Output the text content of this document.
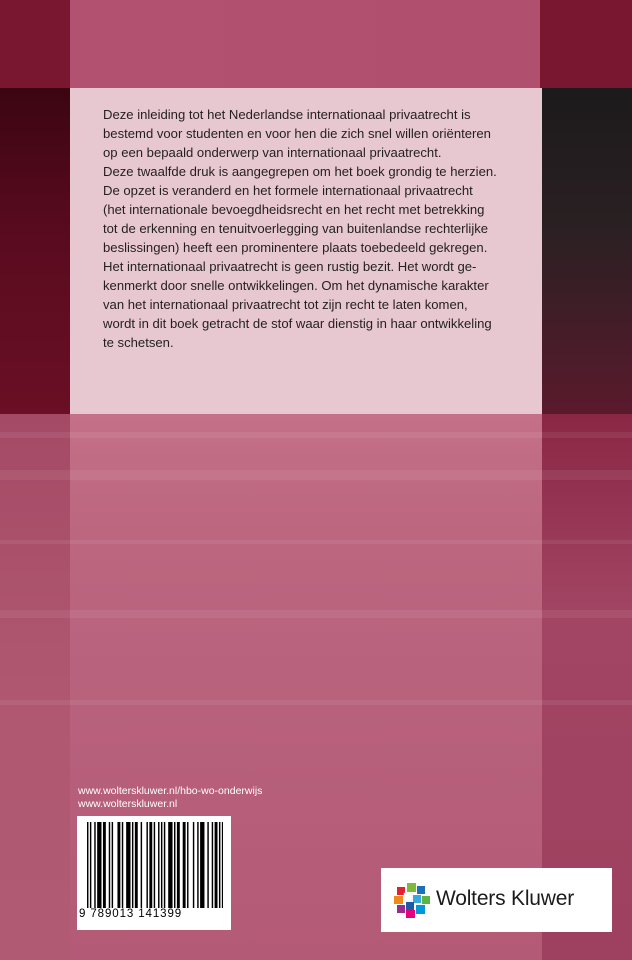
Deze inleiding tot het Nederlandse internationaal privaatrecht is

bestemd voor studenten en voor hen die zich snel willen oriënteren

op een bepaald onderwerp van internationaal privaatrecht.

Deze twaalfde druk is aangegrepen om het boek grondig te herzien.

De opzet is veranderd en het formele internationaal privaatrecht

(het internationale bevoegdheidsrecht en het recht met betrekking

tot de erkenning en tenuitvoerlegging van buitenlandse rechterlijke

beslissingen) heeft een prominentere plaats toebedeeld gekregen.

Het internationaal privaatrecht is geen rustig bezit. Het wordt ge-

kenmerkt door snelle ontwikkelingen. Om het dynamische karakter

van het internationaal privaatrecht tot zijn recht te laten komen,

wordt in dit boek getracht de stof waar dienstig in haar ontwikkeling

te schetsen.

www.wolterskluwer.nl/hbo-wo-onderwijs
www.wolterskluwer.nl
9 789013 141399
Wolters Kluwer
